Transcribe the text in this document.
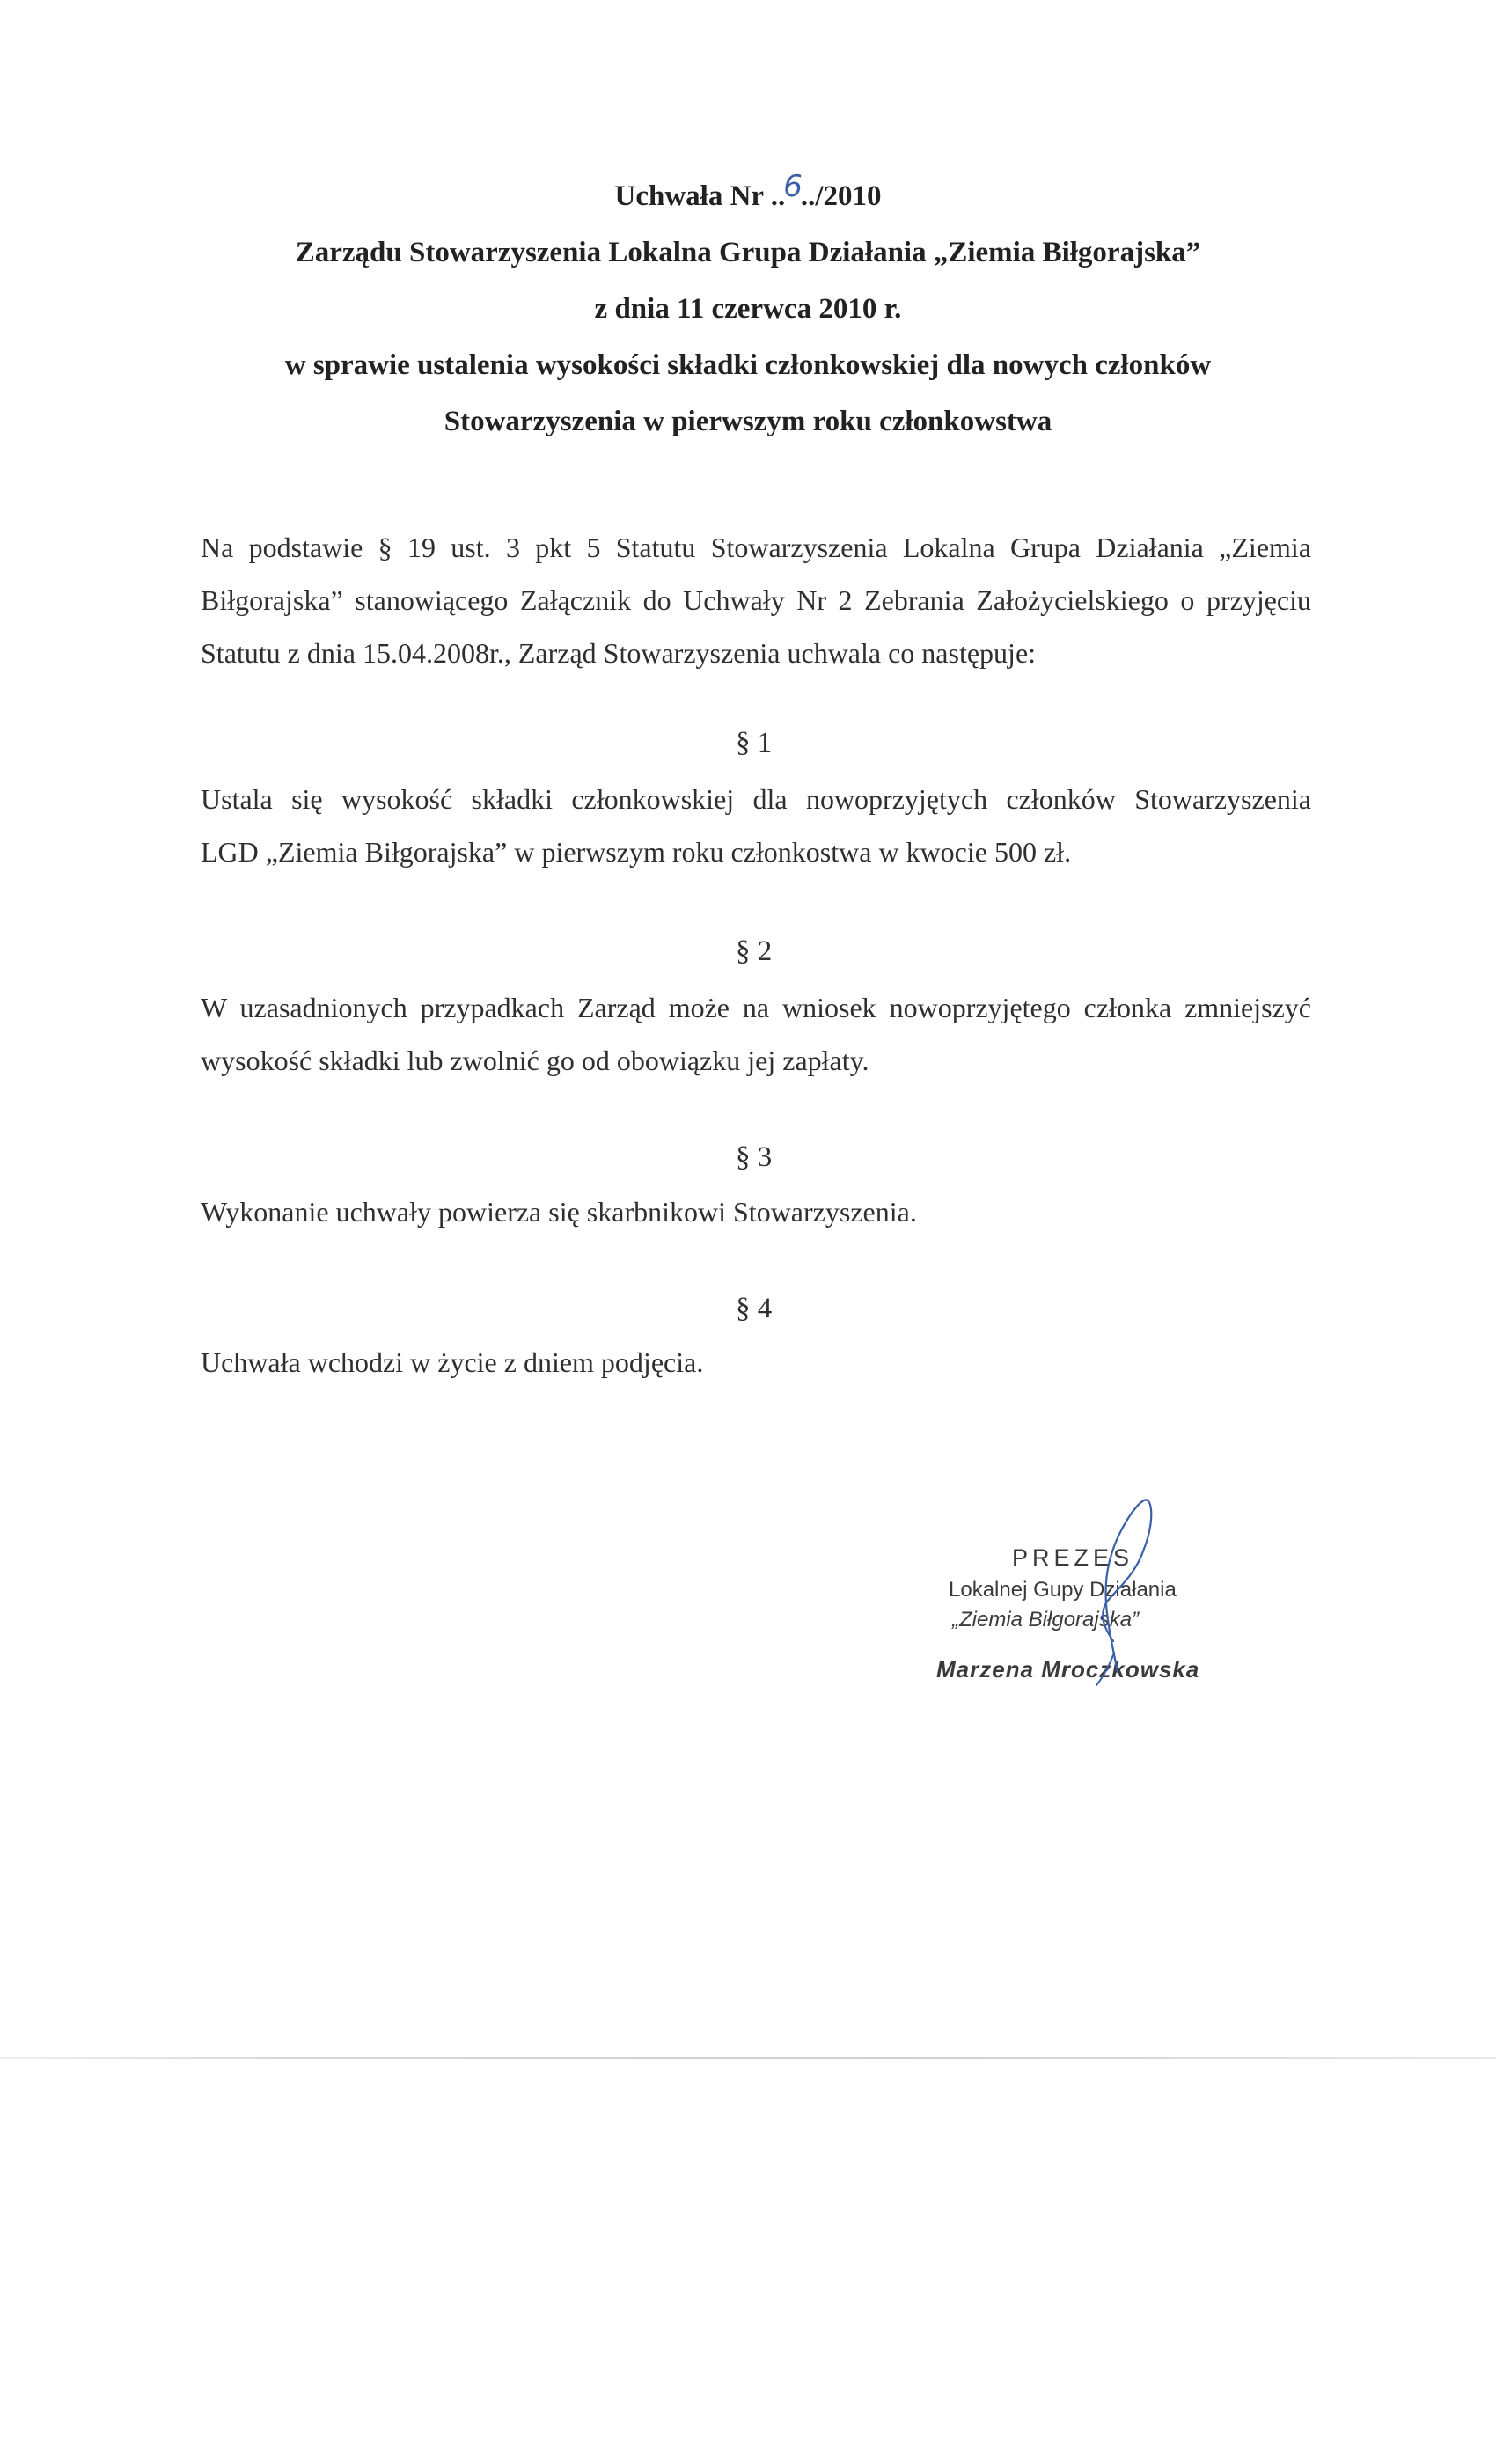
Uchwała Nr ..6../2010
Zarządu Stowarzyszenia Lokalna Grupa Działania „Ziemia Biłgorajska”
z dnia 11 czerwca 2010 r.
w sprawie ustalenia wysokości składki członkowskiej dla nowych członków
Stowarzyszenia w pierwszym roku członkowstwa
Na podstawie § 19 ust. 3 pkt 5 Statutu Stowarzyszenia Lokalna Grupa Działania „Ziemia
Biłgorajska” stanowiącego Załącznik do Uchwały Nr 2 Zebrania Założycielskiego o przyjęciu
Statutu z dnia 15.04.2008r., Zarząd Stowarzyszenia uchwala co następuje:
§ 1
Ustala się wysokość składki członkowskiej dla nowoprzyjętych członków Stowarzyszenia
LGD „Ziemia Biłgorajska” w pierwszym roku członkostwa w kwocie 500 zł.
§ 2
W uzasadnionych przypadkach Zarząd może na wniosek nowoprzyjętego członka zmniejszyć
wysokość składki lub zwolnić go od obowiązku jej zapłaty.
§ 3
Wykonanie uchwały powierza się skarbnikowi Stowarzyszenia.
§ 4
Uchwała wchodzi w życie z dniem podjęcia.
PREZES
Lokalnej Gupy Działania
„Ziemia Biłgorajska”
Marzena Mroczkowska
